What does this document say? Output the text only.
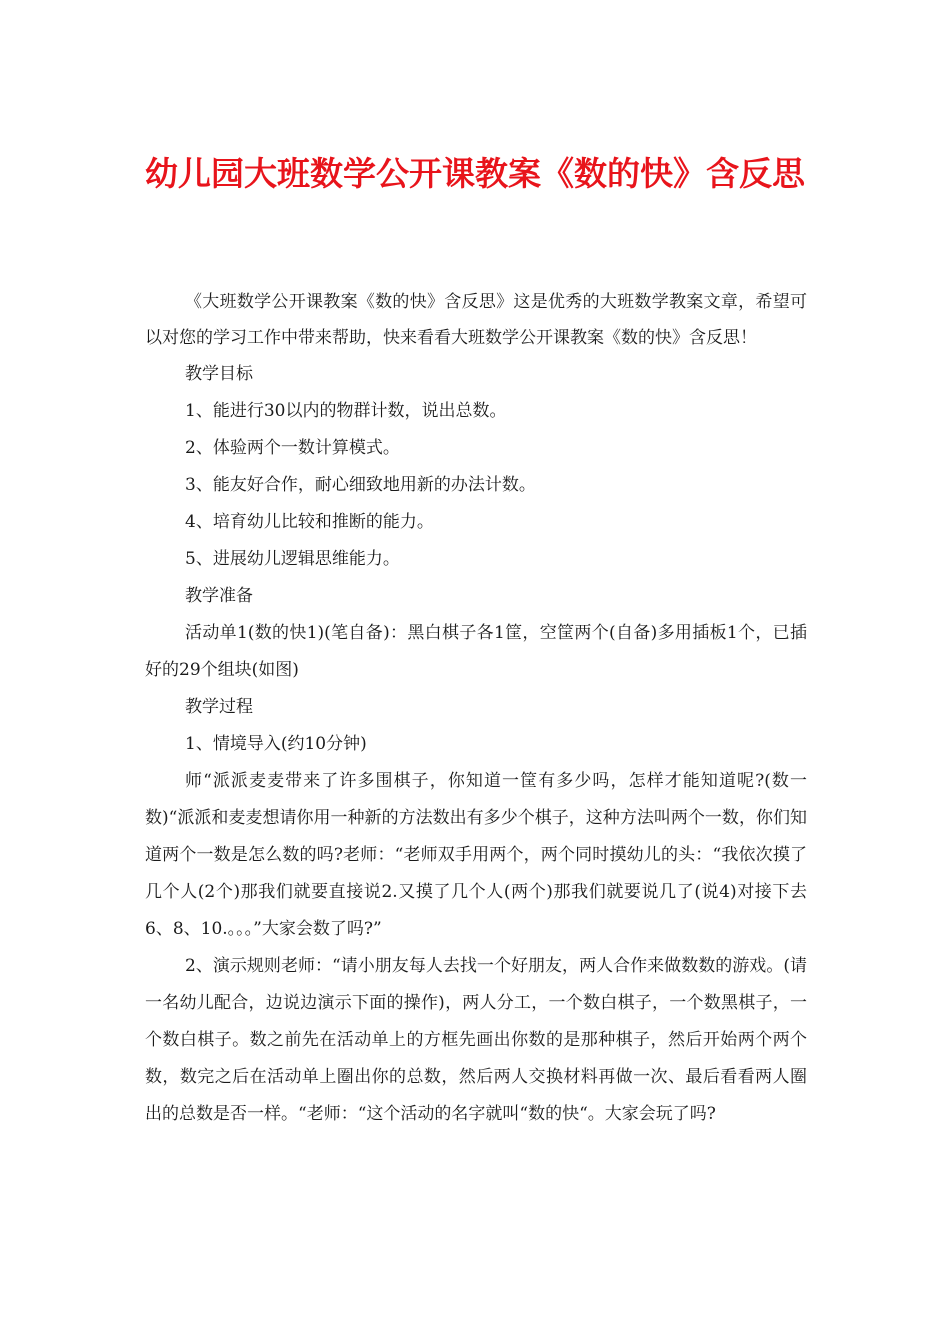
幼儿园大班数学公开课教案《数的快》含反思

《大班数学公开课教案《数的快》含反思》这是优秀的大班数学教案文章，希望可以对您的学习工作中带来帮助，快来看看大班数学公开课教案《数的快》含反思！

教学目标

1、能进行30以内的物群计数，说出总数。

2、体验两个一数计算模式。

3、能友好合作，耐心细致地用新的办法计数。

4、培育幼儿比较和推断的能力。

5、进展幼儿逻辑思维能力。

教学准备

活动单1(数的快1)(笔自备)：黑白棋子各1筐，空筐两个(自备)多用插板1个，已插好的29个组块(如图)

教学过程

1、情境导入(约10分钟)

师“派派麦麦带来了许多围棋子，你知道一筐有多少吗，怎样才能知道呢?(数一数)“派派和麦麦想请你用一种新的方法数出有多少个棋子，这种方法叫两个一数，你们知道两个一数是怎么数的吗?老师：“老师双手用两个，两个同时摸幼儿的头：“我依次摸了几个人(2个)那我们就要直接说2.又摸了几个人(两个)那我们就要说几了(说4)对接下去6、8、10.。。。”大家会数了吗?”

2、演示规则老师：“请小朋友每人去找一个好朋友，两人合作来做数数的游戏。(请一名幼儿配合，边说边演示下面的操作)，两人分工，一个数白棋子，一个数黑棋子，一个数白棋子。数之前先在活动单上的方框先画出你数的是那种棋子，然后开始两个两个数，数完之后在活动单上圈出你的总数，然后两人交换材料再做一次、最后看看两人圈出的总数是否一样。“老师：“这个活动的名字就叫“数的快“。大家会玩了吗?
